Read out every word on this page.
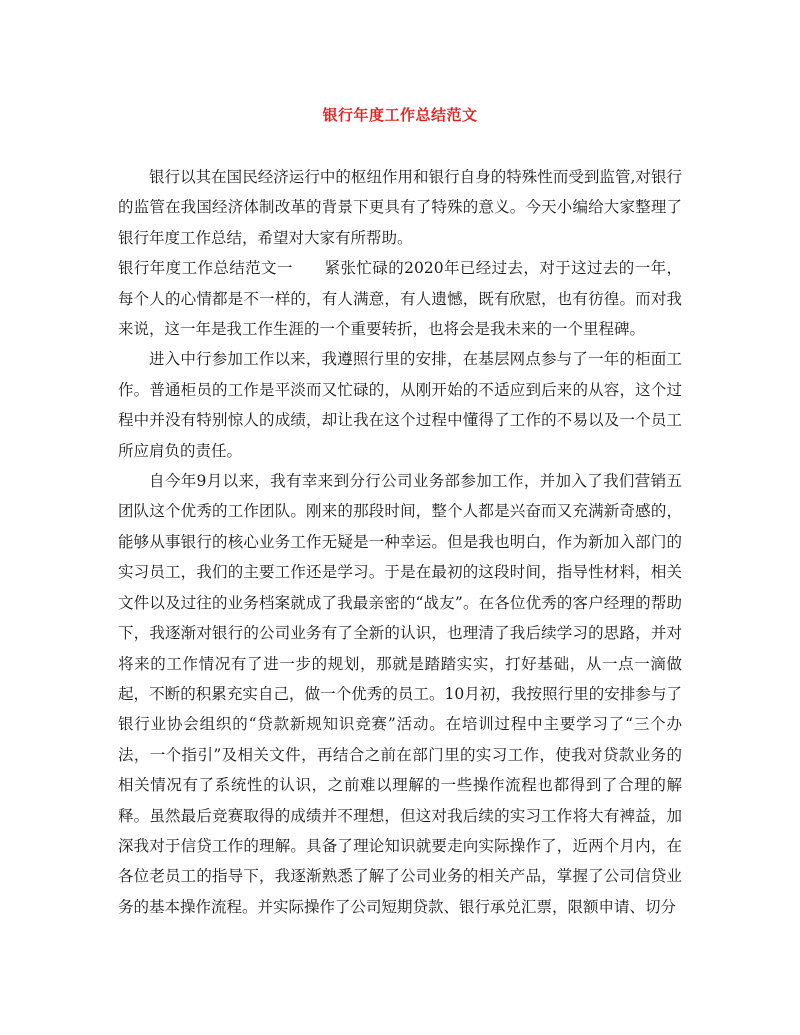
银行年度工作总结范文

银行以其在国民经济运行中的枢纽作用和银行自身的特殊性而受到监管,对银行的监管在我国经济体制改革的背景下更具有了特殊的意义。今天小编给大家整理了银行年度工作总结，希望对大家有所帮助。

银行年度工作总结范文一　　紧张忙碌的2020年已经过去，对于这过去的一年，每个人的心情都是不一样的，有人满意，有人遗憾，既有欣慰，也有彷徨。而对我来说，这一年是我工作生涯的一个重要转折，也将会是我未来的一个里程碑。

进入中行参加工作以来，我遵照行里的安排，在基层网点参与了一年的柜面工作。普通柜员的工作是平淡而又忙碌的，从刚开始的不适应到后来的从容，这个过程中并没有特别惊人的成绩，却让我在这个过程中懂得了工作的不易以及一个员工所应肩负的责任。

自今年9月以来，我有幸来到分行公司业务部参加工作，并加入了我们营销五团队这个优秀的工作团队。刚来的那段时间，整个人都是兴奋而又充满新奇感的，能够从事银行的核心业务工作无疑是一种幸运。但是我也明白，作为新加入部门的实习员工，我们的主要工作还是学习。于是在最初的这段时间，指导性材料，相关文件以及过往的业务档案就成了我最亲密的“战友”。在各位优秀的客户经理的帮助下，我逐渐对银行的公司业务有了全新的认识，也理清了我后续学习的思路，并对将来的工作情况有了进一步的规划，那就是踏踏实实，打好基础，从一点一滴做起，不断的积累充实自己，做一个优秀的员工。10月初，我按照行里的安排参与了银行业协会组织的“贷款新规知识竞赛”活动。在培训过程中主要学习了“三个办法，一个指引”及相关文件，再结合之前在部门里的实习工作，使我对贷款业务的相关情况有了系统性的认识，之前难以理解的一些操作流程也都得到了合理的解释。虽然最后竞赛取得的成绩并不理想，但这对我后续的实习工作将大有裨益，加深我对于信贷工作的理解。具备了理论知识就要走向实际操作了，近两个月内，在各位老员工的指导下，我逐渐熟悉了解了公司业务的相关产品，掌握了公司信贷业务的基本操作流程。并实际操作了公司短期贷款、银行承兑汇票，限额申请、切分
